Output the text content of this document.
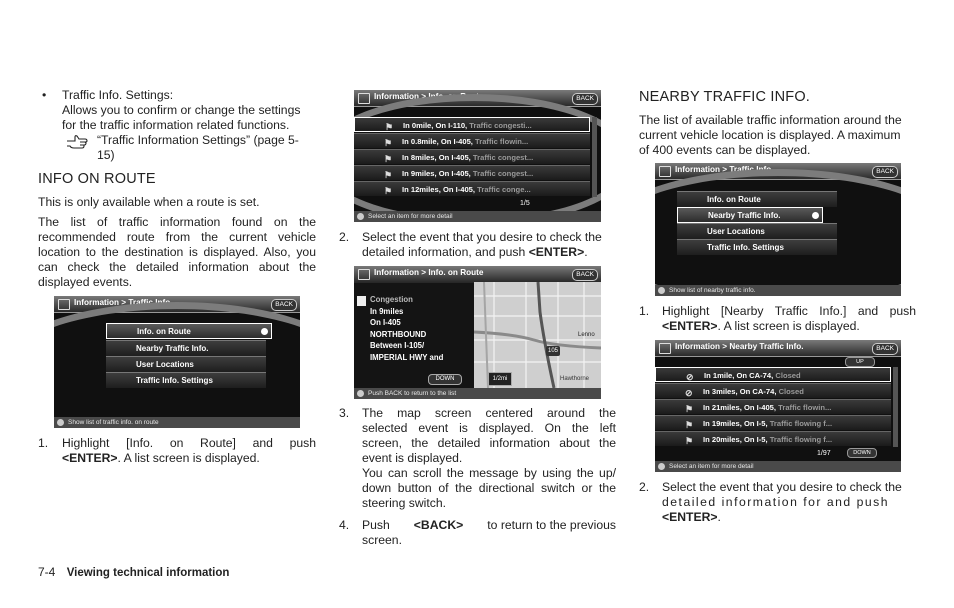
• Traffic Info. Settings:
Allows you to confirm or change the settings
for the traffic information related functions.
“Traffic Information Settings” (page 5-
15)
INFO ON ROUTE
This is only available when a route is set.
The list of traffic information found on the
recommended route from the current vehicle
location to the destination is displayed. Also, you
can check the detailed information about the
displayed events.
Information > Traffic Info.	BACK
Info. on Route
Nearby Traffic Info.
User Locations
Traffic Info. Settings
Show list of traffic info. on route
1. Highlight [Info. on Route] and push
<ENTER>. A list screen is displayed.
Information > Info. on Route	BACK
⚑ In 0mile, On I-110, Traffic congesti...
⚑ In 0.8mile, On I-405, Traffic flowin...
⚑ In 8miles, On I-405, Traffic congest...
⚑ In 9miles, On I-405, Traffic congest...
⚑ In 12miles, On I-405, Traffic conge...
1/5
Select an item for more detail
2. Select the event that you desire to check the
detailed information, and push <ENTER>.
Information > Info. on Route	BACK
Congestion
In 9miles
On I-405
NORTHBOUND
Between I-105/
IMPERIAL HWY and
DOWN	1/2mi
105
Lenno
Hawthorne
Push BACK to return to the list
3. The map screen centered around the
selected event is displayed. On the left
screen, the detailed information about the
event is displayed.
You can scroll the message by using the up/
down button of the directional switch or the
steering switch.
4. Push <BACK> to return to the previous
screen.
NEARBY TRAFFIC INFO.
The list of available traffic information around the
current vehicle location is displayed. A maximum
of 400 events can be displayed.
Information > Traffic Info.	BACK
Info. on Route
Nearby Traffic Info.
User Locations
Traffic Info. Settings
Show list of nearby traffic info.
1. Highlight [Nearby Traffic Info.] and push
<ENTER>. A list screen is displayed.
Information > Nearby Traffic Info.	BACK
UP
⊘ In 1mile, On CA-74, Closed
⊘ In 3miles, On CA-74, Closed
⚑ In 21miles, On I-405, Traffic flowin...
⚑ In 19miles, On I-5, Traffic flowing f...
⚑ In 20miles, On I-5, Traffic flowing f...
1/97	DOWN
Select an item for more detail
2. Select the event that you desire to check the
detailed information for and push
<ENTER>.
7-4 Viewing technical information
